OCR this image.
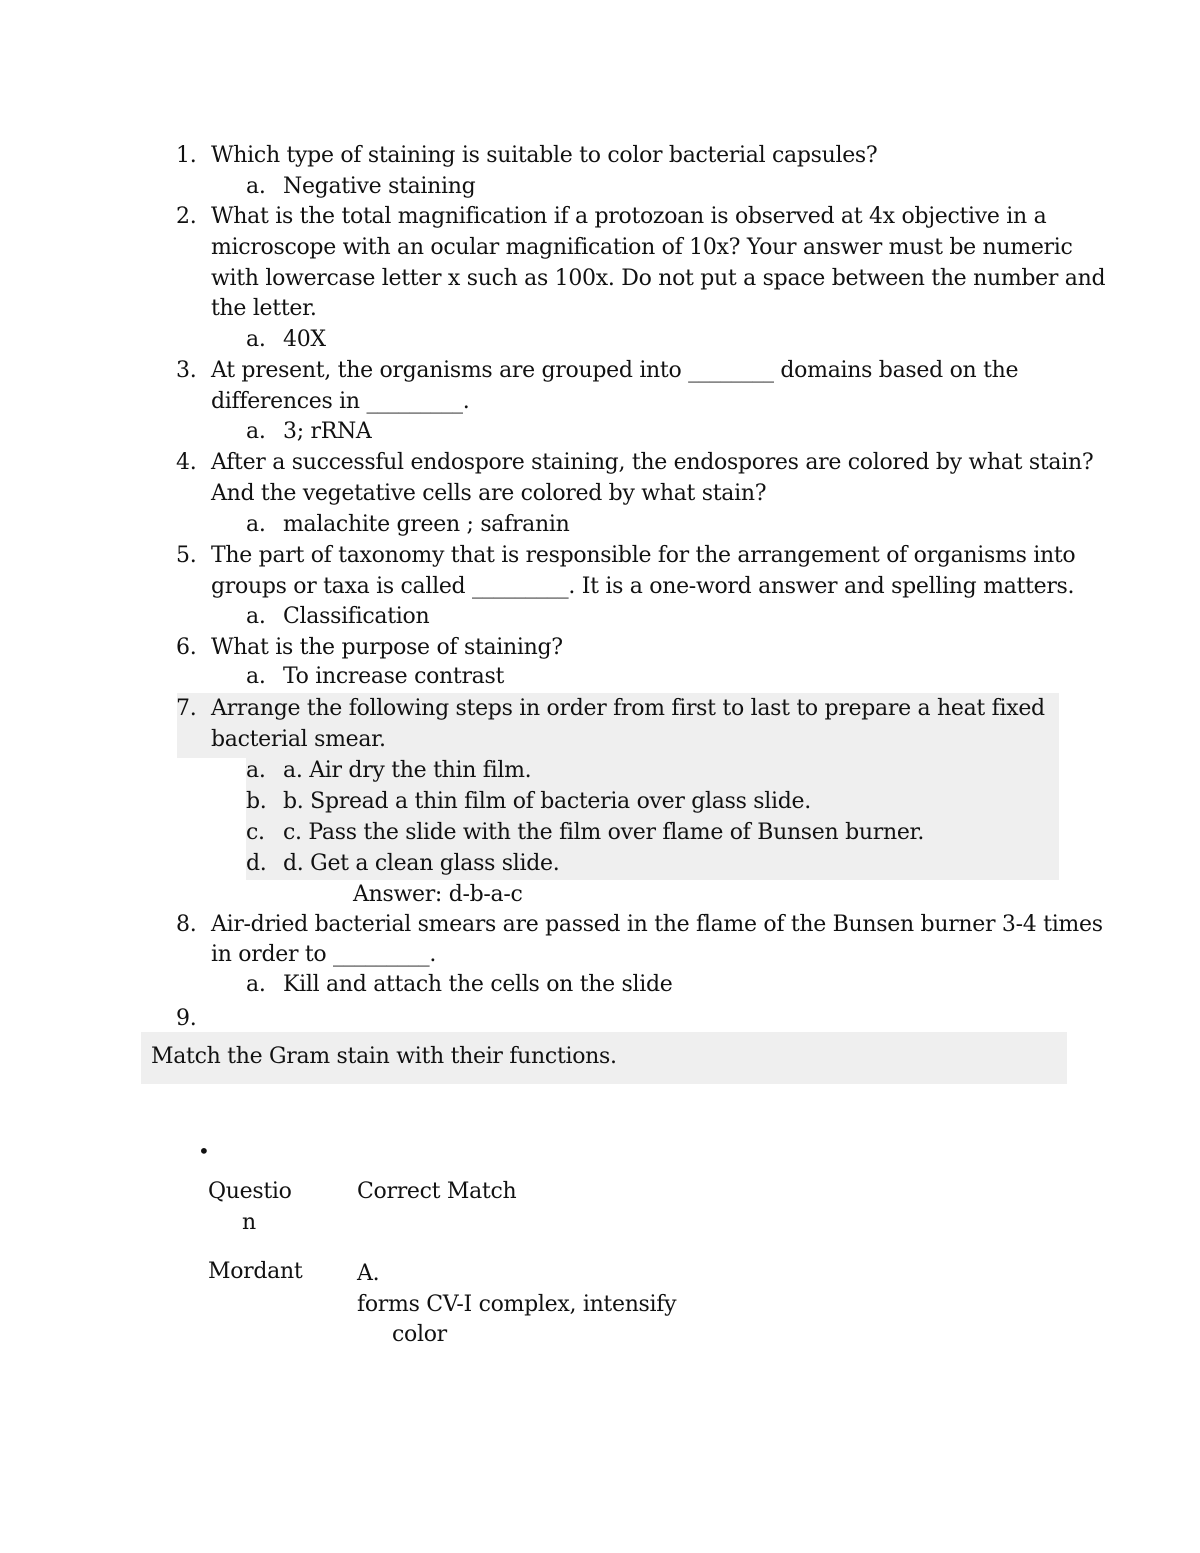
1. Which type of staining is suitable to color bacterial capsules?
a. Negative staining
2. What is the total magnification if a protozoan is observed at 4x objective in a
microscope with an ocular magnification of 10x? Your answer must be numeric
with lowercase letter x such as 100x. Do not put a space between the number and
the letter.
a. 40X
3. At present, the organisms are grouped into ________ domains based on the
differences in _________.
a. 3; rRNA
4. After a successful endospore staining, the endospores are colored by what stain?
And the vegetative cells are colored by what stain?
a. malachite green ; safranin
5. The part of taxonomy that is responsible for the arrangement of organisms into
groups or taxa is called _________. It is a one-word answer and spelling matters.
a. Classification
6. What is the purpose of staining?
a. To increase contrast
7. Arrange the following steps in order from first to last to prepare a heat fixed
bacterial smear.
a. a. Air dry the thin film.
b. b. Spread a thin film of bacteria over glass slide.
c. c. Pass the slide with the film over flame of Bunsen burner.
d. d. Get a clean glass slide.
Answer: d-b-a-c
8. Air-dried bacterial smears are passed in the flame of the Bunsen burner 3-4 times
in order to _________.
a. Kill and attach the cells on the slide
9.
Match the Gram stain with their functions.
•
Questio
n
Correct Match
Mordant A.
forms CV-I complex, intensify
color
